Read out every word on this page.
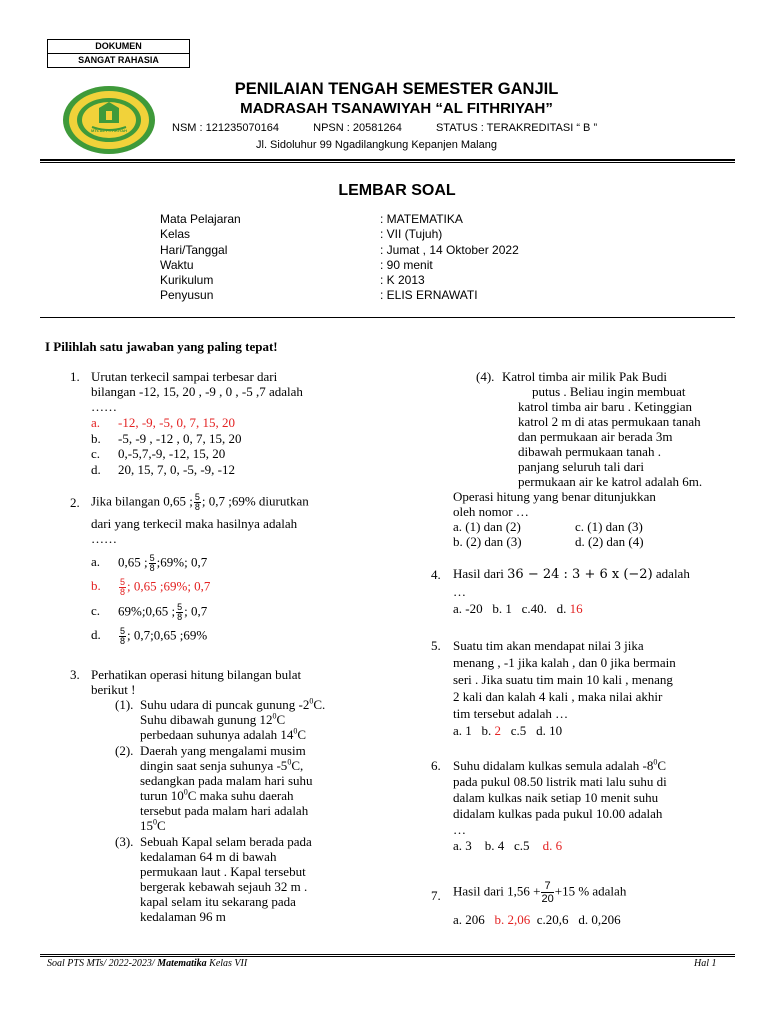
DOKUMEN
SANGAT RAHASIA
MTs AL FITHRIYAH
PENILAIAN TENGAH SEMESTER GANJIL
MADRASAH TSANAWIYAH “AL FITHRIYAH”
NSM : 121235070164	NPSN : 20581264	STATUS : TERAKREDITASI “ B ”
Jl. Sidoluhur 99 Ngadilangkung Kepanjen Malang
LEMBAR SOAL
Mata Pelajaran	: MATEMATIKA
Kelas	: VII (Tujuh)
Hari/Tanggal	: Jumat , 14 Oktober 2022
Waktu	: 90 menit
Kurikulum	: K 2013
Penyusun	: ELIS ERNAWATI
I Pilihlah satu jawaban yang paling tepat!
1. Urutan terkecil sampai terbesar dari
bilangan -12, 15, 20 , -9 , 0 , -5 ,7 adalah
……
a. -12, -9, -5, 0, 7, 15, 20
b. -5, -9 , -12 , 0, 7, 15, 20
c. 0,-5,7,-9, -12, 15, 20
d. 20, 15, 7, 0, -5, -9, -12
2. Jika bilangan 0,65 ; $\frac{5}{8}$ ; 0,7 ;69% diurutkan
dari yang terkecil maka hasilnya adalah
……
a. 0,65 ; $\frac{5}{8}$ ;69%; 0,7
b. $\frac{5}{8}$ ; 0,65 ;69%; 0,7
c. 69%;0,65 ; $\frac{5}{8}$ ; 0,7
d. $\frac{5}{8}$ ; 0,7;0,65 ;69%
3. Perhatikan operasi hitung bilangan bulat
berikut !
(1). Suhu udara di puncak gunung $-2^0C$.
Suhu dibawah gunung $12^0C$
perbedaan suhunya adalah $14^0C$
(2). Daerah yang mengalami musim
dingin saat senja suhunya $-5^0C$,
sedangkan pada malam hari suhu
turun $10^0C$ maka suhu daerah
tersebut pada malam hari adalah
$15^0C$
(3). Sebuah Kapal selam berada pada
kedalaman 64 m di bawah
permukaan laut . Kapal tersebut
bergerak kebawah sejauh 32 m .
kapal selam itu sekarang pada
kedalaman 96 m
(4). Katrol timba air milik Pak Budi
putus . Beliau ingin membuat
katrol timba air baru . Ketinggian
katrol 2 m di atas permukaan tanah
dan permukaan air berada 3m
dibawah permukaan tanah .
panjang seluruh tali dari
permukaan air ke katrol adalah 6m.
Operasi hitung yang benar ditunjukkan
oleh nomor …
a. (1) dan (2)	c. (1) dan (3)
b. (2) dan (3)	d. (2) dan (4)
4. Hasil dari 36 − 24 : 3 + 6 x (−2) adalah
…
a. -20 b. 1 c.40. d. 16
5. Suatu tim akan mendapat nilai 3 jika
menang , -1 jika kalah , dan 0 jika bermain
seri . Jika suatu tim main 10 kali , menang
2 kali dan kalah 4 kali , maka nilai akhir
tim tersebut adalah …
a. 1 b. 2 c.5 d. 10
6. Suhu didalam kulkas semula adalah $-8^0C$
pada pukul 08.50 listrik mati lalu suhu di
dalam kulkas naik setiap 10 menit suhu
didalam kulkas pada pukul 10.00 adalah
…
a. 3 b. 4 c.5 d. 6
7. Hasil dari $1,56 + \frac{7}{20} +15$ % adalah
a. 206 b. 2,06 c.20,6 d. 0,206
Soal PTS MTs/ 2022-2023/ Matematika Kelas VII	Hal 1
